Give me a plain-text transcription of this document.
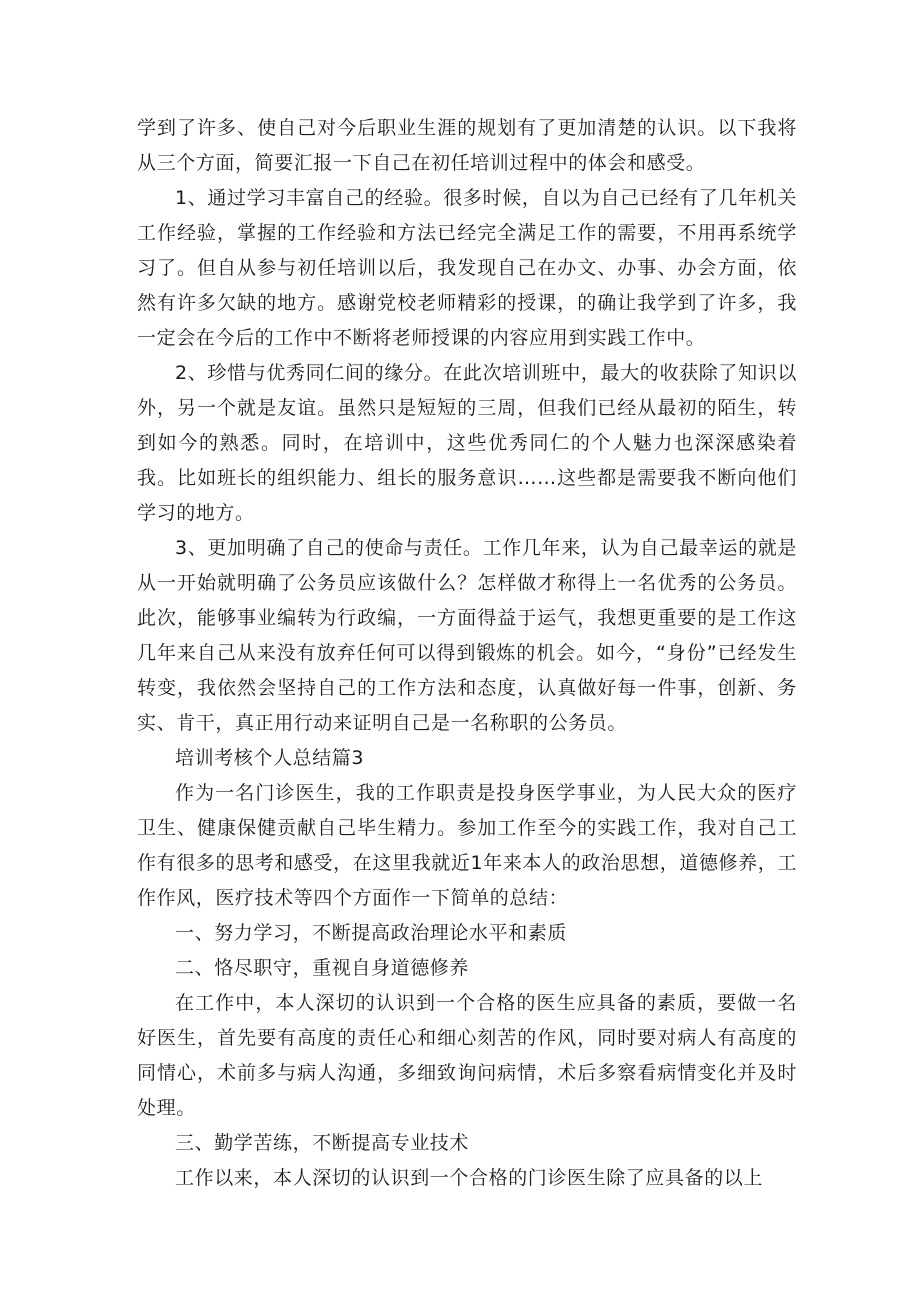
学到了许多、使自己对今后职业生涯的规划有了更加清楚的认识。以下我将从三个方面，简要汇报一下自己在初任培训过程中的体会和感受。

1、通过学习丰富自己的经验。很多时候，自以为自己已经有了几年机关工作经验，掌握的工作经验和方法已经完全满足工作的需要，不用再系统学习了。但自从参与初任培训以后，我发现自己在办文、办事、办会方面，依然有许多欠缺的地方。感谢党校老师精彩的授课，的确让我学到了许多，我一定会在今后的工作中不断将老师授课的内容应用到实践工作中。

2、珍惜与优秀同仁间的缘分。在此次培训班中，最大的收获除了知识以外，另一个就是友谊。虽然只是短短的三周，但我们已经从最初的陌生，转到如今的熟悉。同时，在培训中，这些优秀同仁的个人魅力也深深感染着我。比如班长的组织能力、组长的服务意识……这些都是需要我不断向他们学习的地方。

3、更加明确了自己的使命与责任。工作几年来，认为自己最幸运的就是从一开始就明确了公务员应该做什么？怎样做才称得上一名优秀的公务员。此次，能够事业编转为行政编，一方面得益于运气，我想更重要的是工作这几年来自己从来没有放弃任何可以得到锻炼的机会。如今，“身份”已经发生转变，我依然会坚持自己的工作方法和态度，认真做好每一件事，创新、务实、肯干，真正用行动来证明自己是一名称职的公务员。

培训考核个人总结篇3

作为一名门诊医生，我的工作职责是投身医学事业，为人民大众的医疗卫生、健康保健贡献自己毕生精力。参加工作至今的实践工作，我对自己工作有很多的思考和感受，在这里我就近1年来本人的政治思想，道德修养，工作作风，医疗技术等四个方面作一下简单的总结：

一、努力学习，不断提高政治理论水平和素质

二、恪尽职守，重视自身道德修养

在工作中，本人深切的认识到一个合格的医生应具备的素质，要做一名好医生，首先要有高度的责任心和细心刻苦的作风，同时要对病人有高度的同情心，术前多与病人沟通，多细致询问病情，术后多察看病情变化并及时处理。

三、勤学苦练，不断提高专业技术

工作以来，本人深切的认识到一个合格的门诊医生除了应具备的以上
